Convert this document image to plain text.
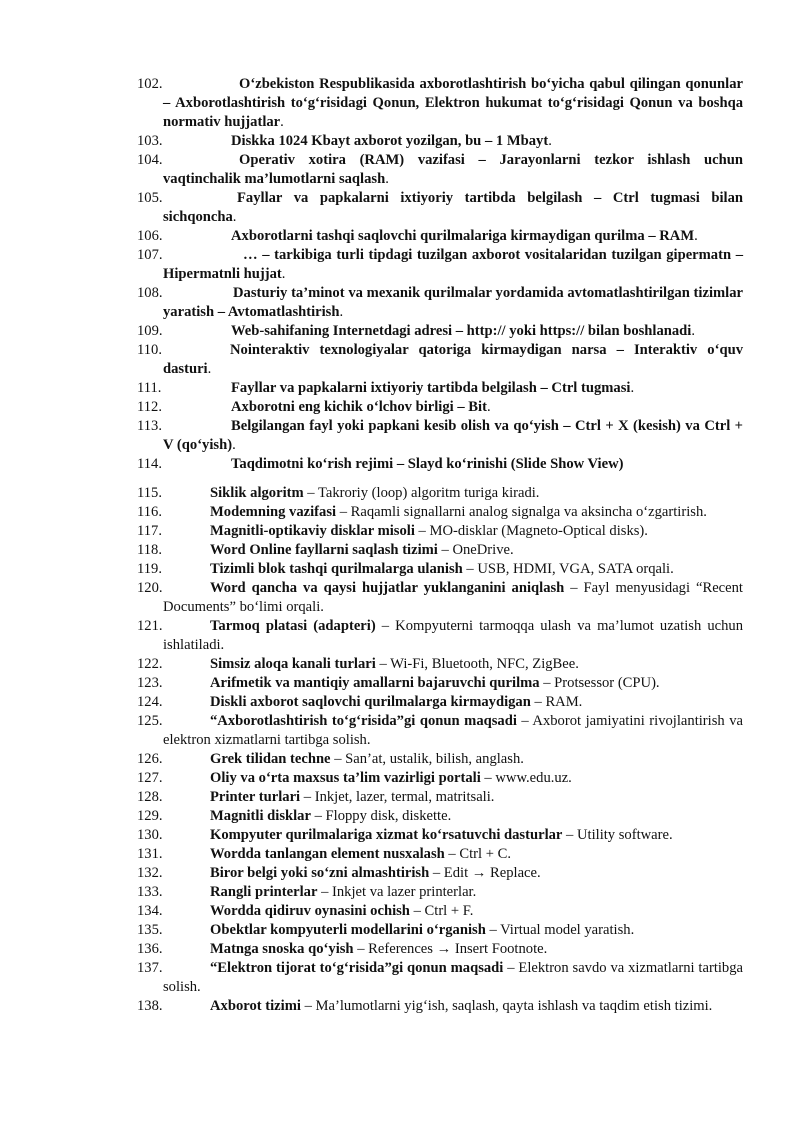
102.	O‘zbekiston Respublikasida axborotlashtirish bo‘yicha qabul qilingan qonunlar – Axborotlashtirish to‘g‘risidagi Qonun, Elektron hukumat to‘g‘risidagi Qonun va boshqa normativ hujjatlar.
103.	Diskka 1024 Kbayt axborot yozilgan, bu – 1 Mbayt.
104.	Operativ xotira (RAM) vazifasi – Jarayonlarni tezkor ishlash uchun vaqtinchalik ma’lumotlarni saqlash.
105.	Fayllar va papkalarni ixtiyoriy tartibda belgilash – Ctrl tugmasi bilan sichqoncha.
106.	Axborotlarni tashqi saqlovchi qurilmalariga kirmaydigan qurilma – RAM.
107.	… – tarkibiga turli tipdagi tuzilgan axborot vositalaridan tuzilgan gipermatn – Hipermatnli hujjat.
108.	Dasturiy ta’minot va mexanik qurilmalar yordamida avtomatlashtirilgan tizimlar yaratish – Avtomatlashtirish.
109.	Web-sahifaning Internetdagi adresi – http:// yoki https:// bilan boshlanadi.
110.	Nointeraktiv texnologiyalar qatoriga kirmaydigan narsa – Interaktiv o‘quv dasturi.
111.	Fayllar va papkalarni ixtiyoriy tartibda belgilash – Ctrl tugmasi.
112.	Axborotni eng kichik o‘lchov birligi – Bit.
113.	Belgilangan fayl yoki papkani kesib olish va qo‘yish – Ctrl + X (kesish) va Ctrl + V (qo‘yish).
114.	Taqdimotni ko‘rish rejimi – Slayd ko‘rinishi (Slide Show View)
115.	Siklik algoritm – Takroriy (loop) algoritm turiga kiradi.
116.	Modemning vazifasi – Raqamli signallarni analog signalga va aksincha o‘zgartirish.
117.	Magnitli-optikaviy disklar misoli – MO-disklar (Magneto-Optical disks).
118.	Word Online fayllarni saqlash tizimi – OneDrive.
119.	Tizimli blok tashqi qurilmalarga ulanish – USB, HDMI, VGA, SATA orqali.
120.	Word qancha va qaysi hujjatlar yuklanganini aniqlash – Fayl menyusidagi “Recent Documents” bo‘limi orqali.
121.	Tarmoq platasi (adapteri) – Kompyuterni tarmoqqa ulash va ma’lumot uzatish uchun ishlatiladi.
122.	Simsiz aloqa kanali turlari – Wi-Fi, Bluetooth, NFC, ZigBee.
123.	Arifmetik va mantiqiy amallarni bajaruvchi qurilma – Protsessor (CPU).
124.	Diskli axborot saqlovchi qurilmalarga kirmaydigan – RAM.
125.	“Axborotlashtirish to‘g‘risida”gi qonun maqsadi – Axborot jamiyatini rivojlantirish va elektron xizmatlarni tartibga solish.
126.	Grek tilidan techne – San’at, ustalik, bilish, anglash.
127.	Oliy va o‘rta maxsus ta’lim vazirligi portali – www.edu.uz.
128.	Printer turlari – Inkjet, lazer, termal, matritsali.
129.	Magnitli disklar – Floppy disk, diskette.
130.	Kompyuter qurilmalariga xizmat ko‘rsatuvchi dasturlar – Utility software.
131.	Wordda tanlangan element nusxalash – Ctrl + C.
132.	Biror belgi yoki so‘zni almashtirish – Edit → Replace.
133.	Rangli printerlar – Inkjet va lazer printerlar.
134.	Wordda qidiruv oynasini ochish – Ctrl + F.
135.	Obektlar kompyuterli modellarini o‘rganish – Virtual model yaratish.
136.	Matnga snoska qo‘yish – References → Insert Footnote.
137.	“Elektron tijorat to‘g‘risida”gi qonun maqsadi – Elektron savdo va xizmatlarni tartibga solish.
138.	Axborot tizimi – Ma’lumotlarni yig‘ish, saqlash, qayta ishlash va taqdim etish tizimi.
